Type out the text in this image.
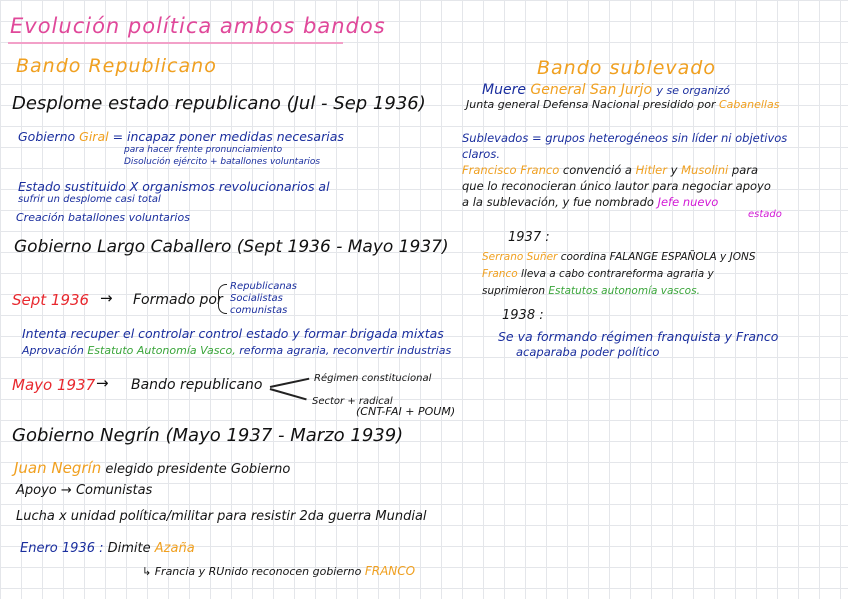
Evolución política ambos bandos
Bando Republicano
Desplome estado republicano (Jul - Sep 1936)
Gobierno Giral = incapaz poner medidas necesarias
para hacer frente pronunciamiento
Disolución ejército + batallones voluntarios
Estado sustituido X organismos revolucionarios al
sufrir un desplome casi total
Creación batallones voluntarios
Gobierno Largo Caballero (Sept 1936 - Mayo 1937)
Sept 1936 → Formado por
Republicanas
Socialistas
comunistas
Intenta recuper el controlar control estado y formar brigada mixtas
Aprovación Estatuto Autonomía Vasco, reforma agraria, reconvertir industrias
Mayo 1937 → Bando republicano	Régimen constitucional
Sector + radical
(CNT-FAI + POUM)
Gobierno Negrín (Mayo 1937 - Marzo 1939)
Juan Negrín elegido presidente Gobierno
Apoyo → Comunistas
Lucha x unidad política/militar para resistir 2da guerra Mundial
Enero 1936 : Dimite Azaña
↳ Francia y RUnido reconocen gobierno FRANCO
Bando sublevado
Muere General San Jurjo y se organizó
Junta general Defensa Nacional presidido por Cabanellas
Sublevados = grupos heterogéneos sin líder ni objetivos
claros.
Francisco Franco convenció a Hitler y Musolini para
que lo reconocieran único lautor para negociar apoyo
a la sublevación, y fue nombrado Jefe nuevo
estado
1937 :
Serrano Suñer coordina FALANGE ESPAÑOLA y JONS
Franco lleva a cabo contrareforma agraria y
suprimieron Estatutos autonomía vascos.
1938 :
Se va formando régimen franquista y Franco
acaparaba poder político
